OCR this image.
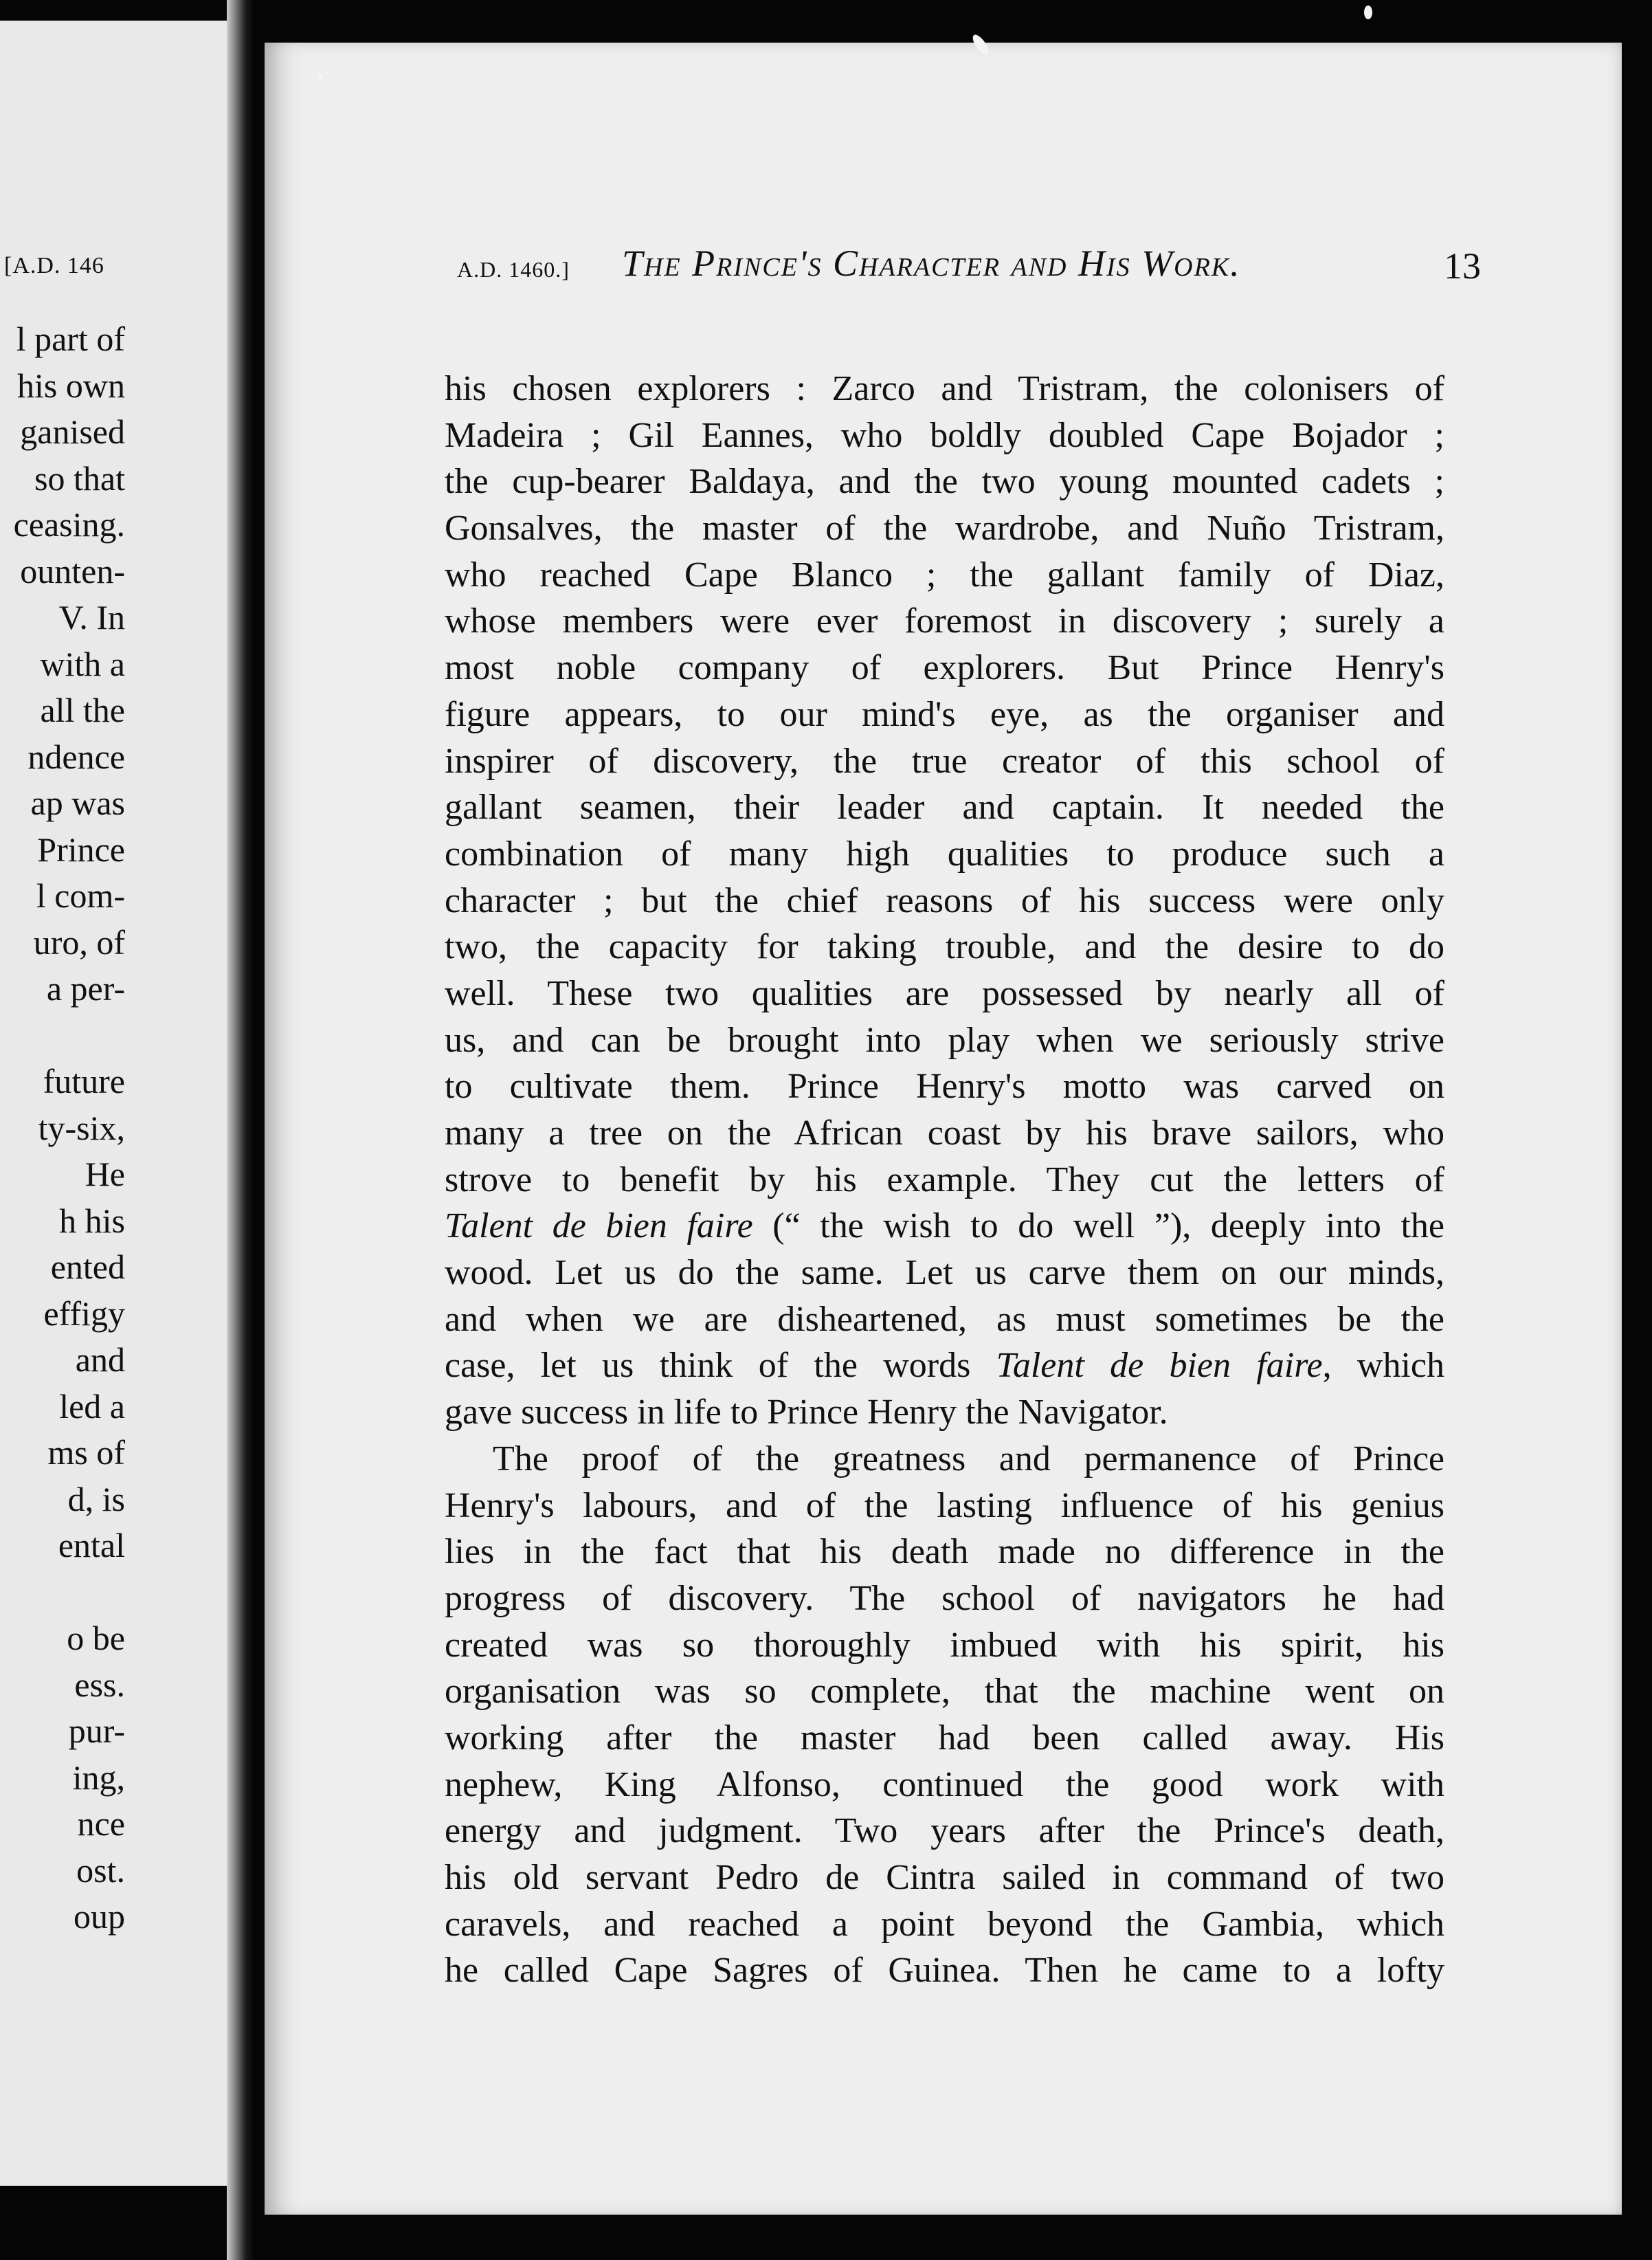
[A.D. 146
l part of
his own
ganised
so that
ceasing.
ounten-
V. In
with a
all the
ndence
ap was
Prince
l com-
uro, of
a per-
future
ty-six,
He
h his
ented
effigy
and
led a
ms of
d, is
ental
o be
ess.
pur-
ing,
nce
ost.
oup
A.D. 1460.] The Prince's Character and His Work.	13
his chosen explorers : Zarco and Tristram, the colonisers of
Madeira ; Gil Eannes, who boldly doubled Cape Bojador ;
the cup-bearer Baldaya, and the two young mounted cadets ;
Gonsalves, the master of the wardrobe, and Nuño Tristram,
who reached Cape Blanco ; the gallant family of Diaz,
whose members were ever foremost in discovery ; surely a
most noble company of explorers. But Prince Henry's
figure appears, to our mind's eye, as the organiser and
inspirer of discovery, the true creator of this school of
gallant seamen, their leader and captain. It needed the
combination of many high qualities to produce such a
character ; but the chief reasons of his success were only
two, the capacity for taking trouble, and the desire to do
well. These two qualities are possessed by nearly all of
us, and can be brought into play when we seriously strive
to cultivate them. Prince Henry's motto was carved on
many a tree on the African coast by his brave sailors, who
strove to benefit by his example. They cut the letters of
Talent de bien faire (“ the wish to do well ”), deeply into the
wood. Let us do the same. Let us carve them on our minds,
and when we are disheartened, as must sometimes be the
case, let us think of the words Talent de bien faire, which
gave success in life to Prince Henry the Navigator.
The proof of the greatness and permanence of Prince
Henry's labours, and of the lasting influence of his genius
lies in the fact that his death made no difference in the
progress of discovery. The school of navigators he had
created was so thoroughly imbued with his spirit, his
organisation was so complete, that the machine went on
working after the master had been called away. His
nephew, King Alfonso, continued the good work with
energy and judgment. Two years after the Prince's death,
his old servant Pedro de Cintra sailed in command of two
caravels, and reached a point beyond the Gambia, which
he called Cape Sagres of Guinea. Then he came to a lofty
